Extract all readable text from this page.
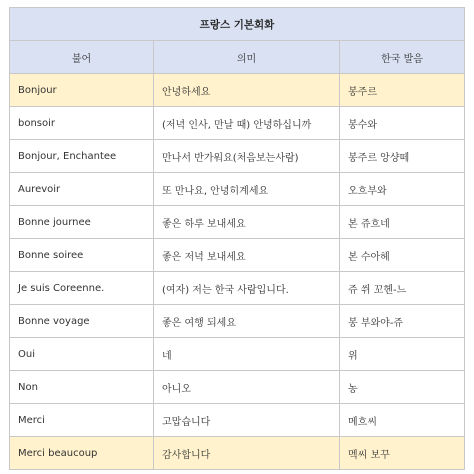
프랑스 기본회화		
불어	의미	한국 발음
Bonjour	안녕하세요	봉주르
bonsoir	(저녁 인사, 만날 때) 안녕하십니까	봉수와
Bonjour, Enchantee	만나서 반가워요(처음보는사람)	봉주르 앙샹떼
Aurevoir	또 만나요, 안녕히계세요	오흐부와
Bonne journee	좋은 하루 보내세요	본 쥬흐네
Bonne soiree	좋은 저녁 보내세요	본 수아헤
Je suis Coreenne.	(여자) 저는 한국 사람입니다.	쥬 쒸 꼬헨-느
Bonne voyage	좋은 여행 되세요	봉 부와야-쥬
Oui	네	위
Non	아니오	농
Merci	고맙습니다	메흐씨
Merci beaucoup	감사합니다	멕씨 보꾸
